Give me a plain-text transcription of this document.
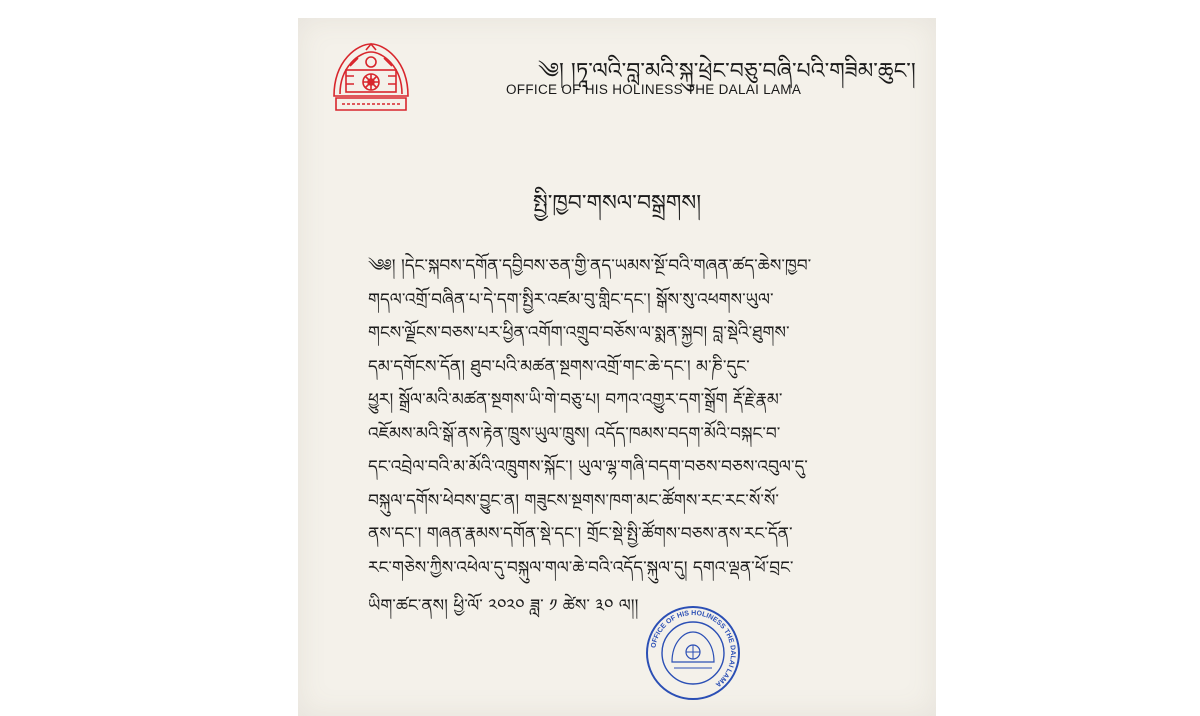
༄། །ཏཱ་ལའི་བླ་མའི་སྐུ་ཕྲེང་བཅུ་བཞི་པའི་གཟིམ་ཆུང་།
OFFICE OF HIS HOLINESS THE DALAI LAMA
སྤྱི་ཁྱབ་གསལ་བསྒྲགས།
༄༅། །དེང་སྐབས་དགོན་དབྱིབས་ཅན་གྱི་ནད་ཡམས་སྔོ་བའི་གཞན་ཚད་ཆེས་ཁྱབ་
གདལ་འགྲོ་བཞིན་པ་དེ་དག་སྤྱིར་འཛམ་བུ་གླིང་དང་། སྒོས་སུ་འཕགས་ཡུལ་
གངས་ལྗོངས་བཅས་པར་ཕྱིན་འགོག་འགྲུབ་བཅོས་ལ་སྨན་སྐྱབ། བླ་སྡེའི་ཐུགས་
དམ་དགོངས་དོན། ཐུབ་པའི་མཚན་སྔགས་འགྲོ་གང་ཆེ་དང་། མ་ཎི་དུང་
ཕྱུར། སྒྲོལ་མའི་མཚན་སྔགས་ཡི་གེ་བཅུ་པ། བཀའ་འགྱུར་དག་སྒྲོག རྡོ་རྗེ་རྣམ་
འཇོམས་མའི་སྒོ་ནས་རྟེན་ཁྲུས་ཡུལ་ཁྲུས། འདོད་ཁམས་བདག་མོའི་བསྐང་བ་
དང་འབྲེལ་བའི་མ་མོའི་འཁྲུགས་སྐོང་། ཡུལ་ལྷ་གཞི་བདག་བཅས་བཅས་འབུལ་དུ་
བསྐུལ་དགོས་ཕེབས་བྱུང་ན། གཟུངས་སྔགས་ཁག་མང་ཚོགས་རང་རང་སོ་སོ་
ནས་དང་། གཞན་རྣམས་དགོན་སྡེ་དང་། གྲོང་སྡེ་སྤྱི་ཚོགས་བཅས་ནས་རང་དོན་
རང་གཅེས་ཀྱིས་འཕེལ་དུ་བསྐུལ་གལ་ཆེ་བའི་འདོད་སྐུལ་དུ། དགའ་ལྡན་ཕོ་བྲང་
ཡིག་ཚང་ནས། ཕྱི་ལོ་ ༢༠༢༠ ཟླ་ ༡ ཚེས་ ༣༠ ལ།།
OFFICE OF HIS HOLINESS THE DALAI LAMA
